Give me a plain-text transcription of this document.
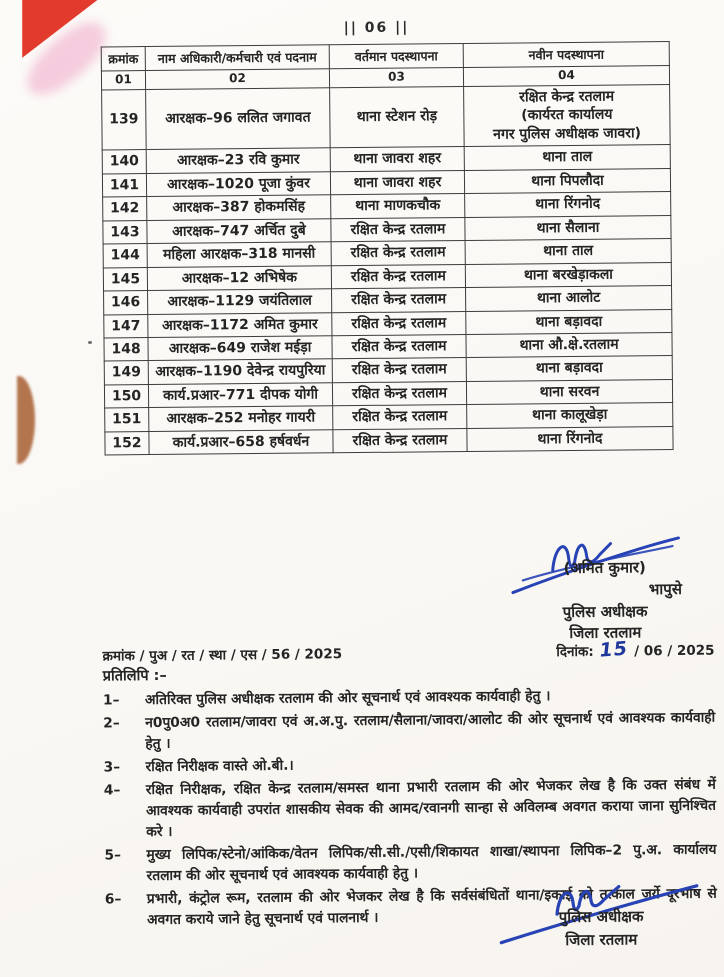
|| 06 ||
क्रमांक	नाम अधिकारी/कर्मचारी एवं पदनाम	वर्तमान पदस्थापना	नवीन पदस्थापना
01	02	03	04
139	आरक्षक–96 ललित जगावत	थाना स्टेशन रोड़	रक्षित केन्द्र रतलाम
(कार्यरत कार्यालय
नगर पुलिस अधीक्षक जावरा)
140	आरक्षक–23 रवि कुमार	थाना जावरा शहर	थाना ताल
141	आरक्षक–1020 पूजा कुंवर	थाना जावरा शहर	थाना पिपलौदा
142	आरक्षक–387 होकमसिंह	थाना माणकचौक	थाना रिंगनोद
143	आरक्षक–747 अर्चित दुबे	रक्षित केन्द्र रतलाम	थाना सैलाना
144	महिला आरक्षक–318 मानसी	रक्षित केन्द्र रतलाम	थाना ताल
145	आरक्षक–12 अभिषेक	रक्षित केन्द्र रतलाम	थाना बरखेड़ाकला
146	आरक्षक–1129 जयंतिलाल	रक्षित केन्द्र रतलाम	थाना आलोट
147	आरक्षक–1172 अमित कुमार	रक्षित केन्द्र रतलाम	थाना बड़ावदा
148	आरक्षक–649 राजेश मईड़ा	रक्षित केन्द्र रतलाम	थाना औ.क्षे.रतलाम
149	आरक्षक–1190 देवेन्द्र रायपुरिया	रक्षित केन्द्र रतलाम	थाना बड़ावदा
150	कार्य.प्रआर–771 दीपक योगी	रक्षित केन्द्र रतलाम	थाना सरवन
151	आरक्षक–252 मनोहर गायरी	रक्षित केन्द्र रतलाम	थाना कालूखेड़ा
152	कार्य.प्रआर–658 हर्षवर्धन	रक्षित केन्द्र रतलाम	थाना रिंगनोद
(अमित कुमार)
भापुसे
पुलिस अधीक्षक
जिला रतलाम
क्रमांक / पुअ / रत / स्था / एस / 56 / 2025	दिनांक: 15 / 06 / 2025
प्रतिलिपि :–
1–	अतिरिक्त पुलिस अधीक्षक रतलाम की ओर सूचनार्थ एवं आवश्यक कार्यवाही हेतु ।
2–	न0पु0अ0 रतलाम/जावरा एवं अ.अ.पु. रतलाम/सैलाना/जावरा/आलोट की ओर सूचनार्थ एवं आवश्यक कार्यवाही हेतु ।
3–	रक्षित निरीक्षक वास्ते ओ.बी.।
4–	रक्षित निरीक्षक, रक्षित केन्द्र रतलाम/समस्त थाना प्रभारी रतलाम की ओर भेजकर लेख है कि उक्त संबंध में आवश्यक कार्यवाही उपरांत शासकीय सेवक की आमद/रवानगी सान्हा से अविलम्ब अवगत कराया जाना सुनिश्चित करे ।
5–	मुख्य लिपिक/स्टेनो/आंकिक/वेतन लिपिक/सी.सी./एसी/शिकायत शाखा/स्थापना लिपिक–2 पु.अ. कार्यालय रतलाम की ओर सूचनार्थ एवं आवश्यक कार्यवाही हेतु ।
6–	प्रभारी, कंट्रोल रूम, रतलाम की ओर भेजकर लेख है कि सर्वसंबंधितों थाना/इकाई को तत्काल जर्ये दूरभाष से अवगत कराये जाने हेतु सूचनार्थ एवं पालनार्थ ।	पुलिस अधीक्षक
जिला रतलाम
